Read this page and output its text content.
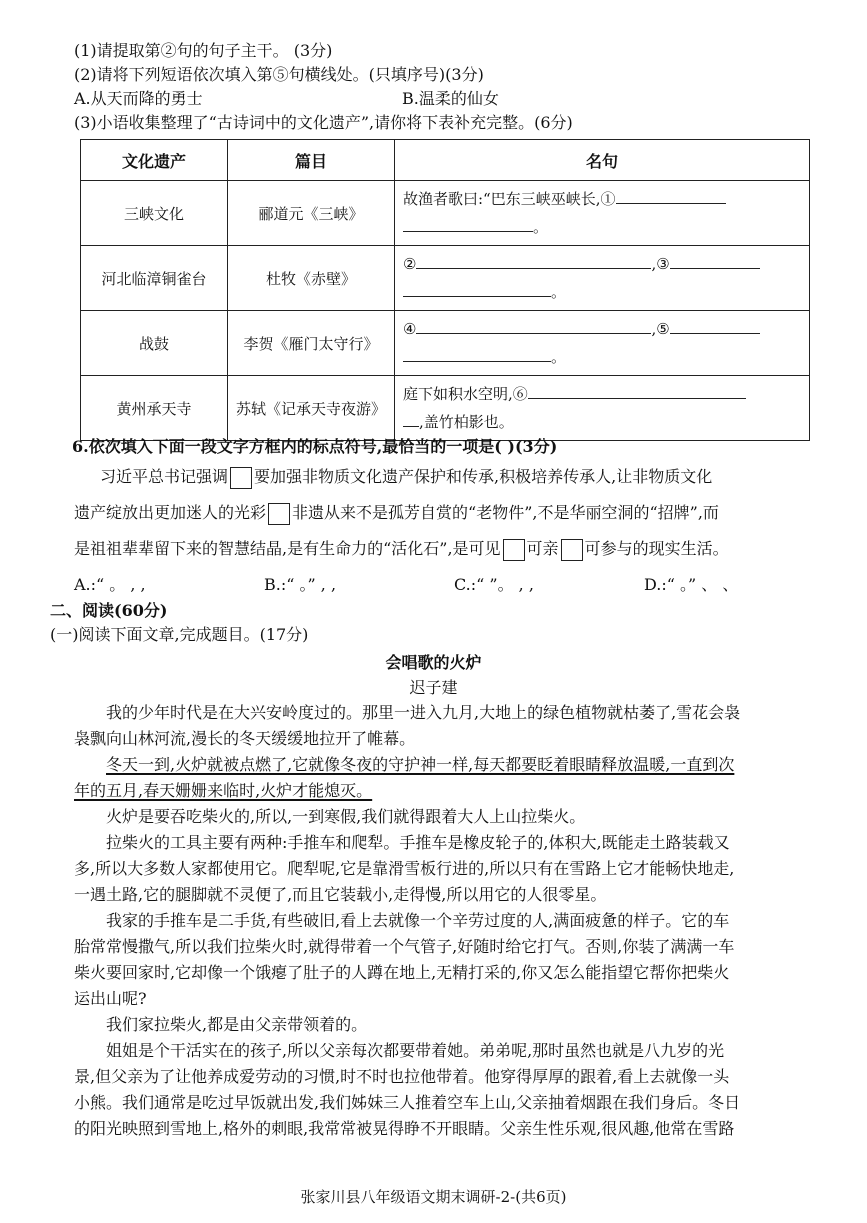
(1)请提取第②句的句子主干。 (3分)
(2)请将下列短语依次填入第⑤句横线处。(只填序号)(3分)
A.从天而降的勇士	B.温柔的仙女
(3)小语收集整理了“古诗词中的文化遗产”,请你将下表补充完整。(6分)
文化遗产	篇目	名句
三峡文化	郦道元《三峡》	故渔者歌曰:“巴东三峡巫峡长,①
。
河北临漳铜雀台	杜牧《赤壁》	② ,③
。
战鼓	李贺《雁门太守行》	④ ,⑤
。
黄州承天寺	苏轼《记承天寺夜游》	庭下如积水空明,⑥
,盖竹柏影也。
6.依次填入下面一段文字方框内的标点符号,最恰当的一项是( )(3分)
习近平总书记强调 要加强非物质文化遗产保护和传承,积极培养传承人,让非物质文化
遗产绽放出更加迷人的光彩 非遗从来不是孤芳自赏的“老物件”,不是华丽空洞的“招牌”,而
是祖祖辈辈留下来的智慧结晶,是有生命力的“活化石”,是可见 可亲 可参与的现实生活。
A.:“ 。 , ,	B.:“ 。” , ,	C.:“ ”。 , ,	D.:“ 。” 、 、
二、阅读(60分)
(一)阅读下面文章,完成题目。(17分)
会唱歌的火炉
迟子建
我的少年时代是在大兴安岭度过的。那里一进入九月,大地上的绿色植物就枯萎了,雪花会袅
袅飘向山林河流,漫长的冬天缓缓地拉开了帷幕。
冬天一到,火炉就被点燃了,它就像冬夜的守护神一样,每天都要眨着眼睛释放温暖,一直到次
年的五月,春天姗姗来临时,火炉才能熄灭。
火炉是要吞吃柴火的,所以,一到寒假,我们就得跟着大人上山拉柴火。
拉柴火的工具主要有两种:手推车和爬犁。手推车是橡皮轮子的,体积大,既能走土路装载又
多,所以大多数人家都使用它。爬犁呢,它是靠滑雪板行进的,所以只有在雪路上它才能畅快地走,
一遇土路,它的腿脚就不灵便了,而且它装载小,走得慢,所以用它的人很零星。
我家的手推车是二手货,有些破旧,看上去就像一个辛劳过度的人,满面疲惫的样子。它的车
胎常常慢撒气,所以我们拉柴火时,就得带着一个气管子,好随时给它打气。否则,你装了满满一车
柴火要回家时,它却像一个饿瘪了肚子的人蹲在地上,无精打采的,你又怎么能指望它帮你把柴火
运出山呢?
我们家拉柴火,都是由父亲带领着的。
姐姐是个干活实在的孩子,所以父亲每次都要带着她。弟弟呢,那时虽然也就是八九岁的光
景,但父亲为了让他养成爱劳动的习惯,时不时也拉他带着。他穿得厚厚的跟着,看上去就像一头
小熊。我们通常是吃过早饭就出发,我们姊妹三人推着空车上山,父亲抽着烟跟在我们身后。冬日
的阳光映照到雪地上,格外的刺眼,我常常被晃得睁不开眼睛。父亲生性乐观,很风趣,他常在雪路
张家川县八年级语文期末调研-2-(共6页)
